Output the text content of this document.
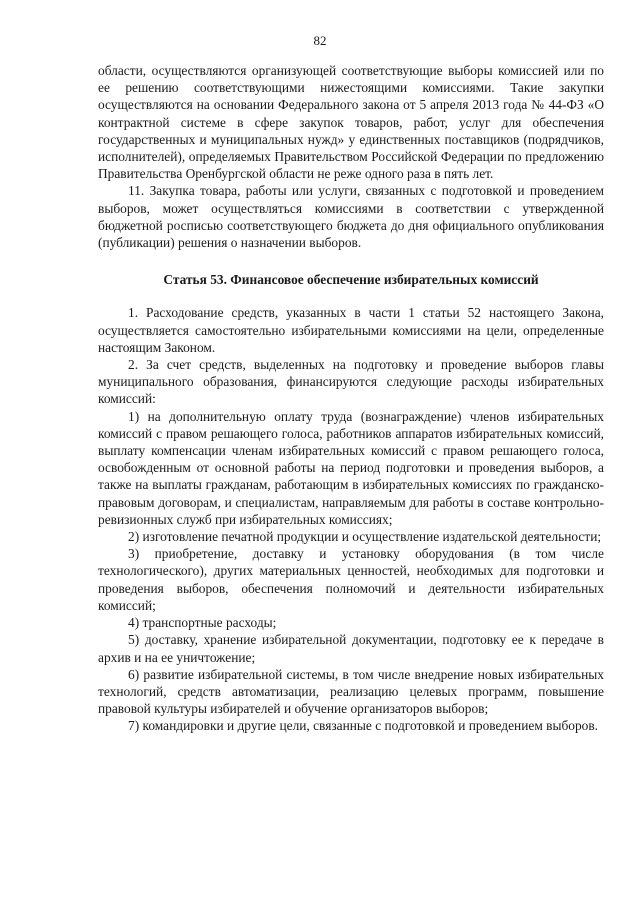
82

области, осуществляются организующей соответствующие выборы комиссией или по ее решению соответствующими нижестоящими комиссиями. Такие закупки осуществляются на основании Федерального закона от 5 апреля 2013 года № 44-ФЗ «О контрактной системе в сфере закупок товаров, работ, услуг для обеспечения государственных и муниципальных нужд» у единственных поставщиков (подрядчиков, исполнителей), определяемых Правительством Российской Федерации по предложению Правительства Оренбургской области не реже одного раза в пять лет.

11. Закупка товара, работы или услуги, связанных с подготовкой и проведением выборов, может осуществляться комиссиями в соответствии с утвержденной бюджетной росписью соответствующего бюджета до дня официального опубликования (публикации) решения о назначении выборов.

Статья 53. Финансовое обеспечение избирательных комиссий

1. Расходование средств, указанных в части 1 статьи 52 настоящего Закона, осуществляется самостоятельно избирательными комиссиями на цели, определенные настоящим Законом.

2. За счет средств, выделенных на подготовку и проведение выборов главы муниципального образования, финансируются следующие расходы избирательных комиссий:

1) на дополнительную оплату труда (вознаграждение) членов избирательных комиссий с правом решающего голоса, работников аппаратов избирательных комиссий, выплату компенсации членам избирательных комиссий с правом решающего голоса, освобожденным от основной работы на период подготовки и проведения выборов, а также на выплаты гражданам, работающим в избирательных комиссиях по гражданско-правовым договорам, и специалистам, направляемым для работы в составе контрольно-ревизионных служб при избирательных комиссиях;

2) изготовление печатной продукции и осуществление издательской деятельности;

3) приобретение, доставку и установку оборудования (в том числе технологического), других материальных ценностей, необходимых для подготовки и проведения выборов, обеспечения полномочий и деятельности избирательных комиссий;

4) транспортные расходы;

5) доставку, хранение избирательной документации, подготовку ее к передаче в архив и на ее уничтожение;

6) развитие избирательной системы, в том числе внедрение новых избирательных технологий, средств автоматизации, реализацию целевых программ, повышение правовой культуры избирателей и обучение организаторов выборов;

7) командировки и другие цели, связанные с подготовкой и проведением выборов.
